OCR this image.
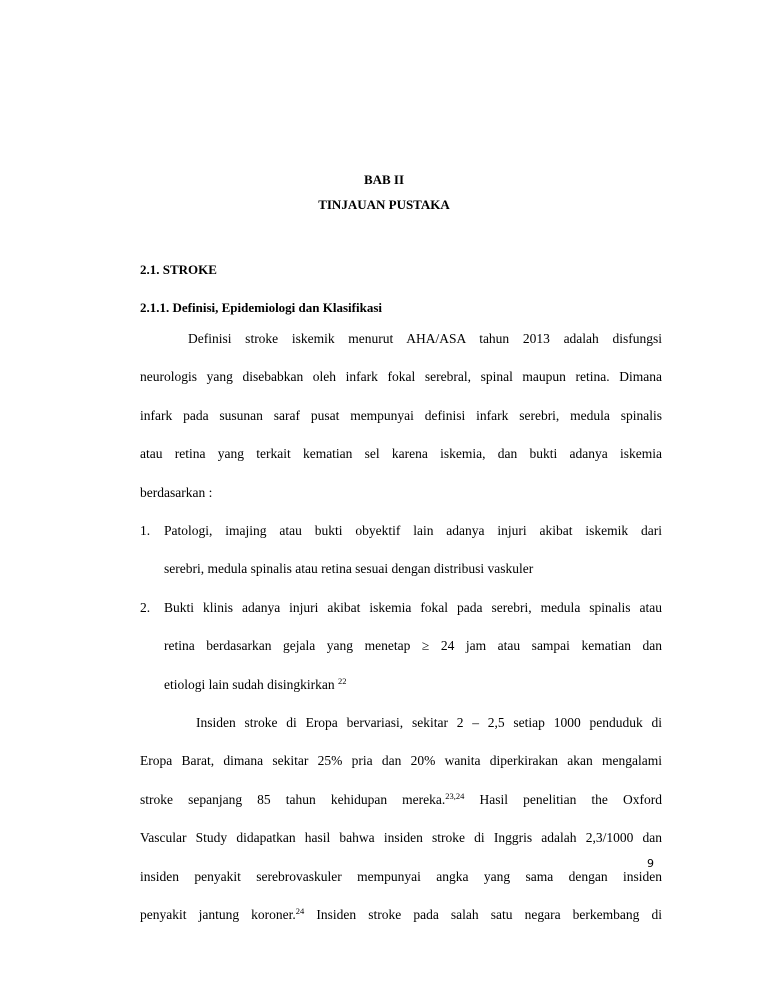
BAB II
TINJAUAN PUSTAKA
2.1. STROKE
2.1.1. Definisi, Epidemiologi dan Klasifikasi
Definisi stroke iskemik menurut AHA/ASA tahun 2013 adalah disfungsi
neurologis yang disebabkan oleh infark fokal serebral, spinal maupun retina. Dimana
infark pada susunan saraf pusat mempunyai definisi infark serebri, medula spinalis
atau retina yang terkait kematian sel karena iskemia, dan bukti adanya iskemia
berdasarkan :
1. Patologi, imajing atau bukti obyektif lain adanya injuri akibat iskemik dari
serebri, medula spinalis atau retina sesuai dengan distribusi vaskuler
2. Bukti klinis adanya injuri akibat iskemia fokal pada serebri, medula spinalis atau
retina berdasarkan gejala yang menetap ≥ 24 jam atau sampai kematian dan
etiologi lain sudah disingkirkan $^{22}$
Insiden stroke di Eropa bervariasi, sekitar 2 – 2,5 setiap 1000 penduduk di
Eropa Barat, dimana sekitar 25% pria dan 20% wanita diperkirakan akan mengalami
stroke sepanjang 85 tahun kehidupan mereka.$^{23,24}$ Hasil penelitian the Oxford
Vascular Study didapatkan hasil bahwa insiden stroke di Inggris adalah 2,3/1000 dan
insiden penyakit serebrovaskuler mempunyai angka yang sama dengan insiden
penyakit jantung koroner.$^{24}$ Insiden stroke pada salah satu negara berkembang di
9
